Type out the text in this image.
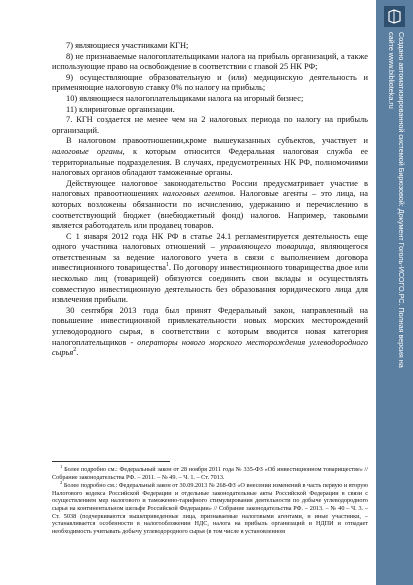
7) являющиеся участниками КГН;

8) не признаваемые налогоплательщиками налога на прибыль организаций, а также использующие право на освобождение в соответствии с главой 25 НК РФ;

9) осуществляющие образовательную и (или) медицинскую деятельность и применяющие налоговую ставку 0% по налогу на прибыль;

10) являющиеся налогоплательщиками налога на игорный бизнес;

11) клиринговые организации.

7. КГН создается не менее чем на 2 налоговых периода по налогу на прибыль организаций.

В налоговом правоотношении,кроме вышеуказанных субъектов, участвует и налоговые органы, к которым относится Федеральная налоговая служба ее территориальные подразделения. В случаях, предусмотренных НК РФ, полномочиями налоговых органов обладают таможенные органы.

Действующее налоговое законодательство России предусматривает участие в налоговых правоотношениях налоговых агентов. Налоговые агенты – это лица, на которых возложены обязанности по исчислению, удержанию и перечислению в соответствующий бюджет (внебюджетный фонд) налогов. Например, таковыми является работодатель или продавец товаров.

С 1 января 2012 года НК РФ в статье 24.1 регламентируется деятельность еще одного участника налоговых отношений – управляющего товарища, являющегося ответственным за ведение налогового учета в связи с выполнением договора инвестиционного товарищества$^1$. По договору инвестиционного товарищества двое или несколько лиц (товарищей) обязуются соединить свои вклады и осуществлять совместную инвестиционную деятельность без образования юридического лица для извлечения прибыли.

30 сентября 2013 года был принят Федеральный закон, направленный на повышение инвестиционной привлекательности новых морских месторождений углеводородного сырья, в соответствии с которым вводится новая категория налогоплательщиков - операторы нового морского месторождения углеводородного сырья$^2$.

$^1$ Более подробно см.: Федеральный закон от 28 ноября 2011 года № 335-ФЗ «Об инвестиционном товариществе» // Собрание законодательства РФ. – 2011. – № 49. – Ч. 1. – Ст. 7013.

$^2$ Более подробно см.: Федеральный закон от 30.09.2013 № 268-ФЗ «О внесении изменений в часть первую и вторую Налогового кодекса Российской Федерации и отдельные законодательные акты Российской Федерации в связи с осуществлением мер налогового и таможенно-тарифного стимулирования деятельности по добыче углеводородного сырья на континентальном шельфе Российской Федерации» // Собрание законодательства РФ. – 2013. – № 40 – Ч. 3. – Ст. 5038 (подчеркиваются вышеприведенные лица, признаваемые налоговыми агентами, и иные участники, – устанавливается особенности в налогообложении НДС, налога на прибыль организаций и НДПИ и отпадает необходимость учитывать добычу углеводородного сырья (в том числе в установленном

Создано автоматизированной системой Бирюзовой: Документ Гоголь-ИСОГО.РС. Полная версия на
сайте www.biblioteka.ru
